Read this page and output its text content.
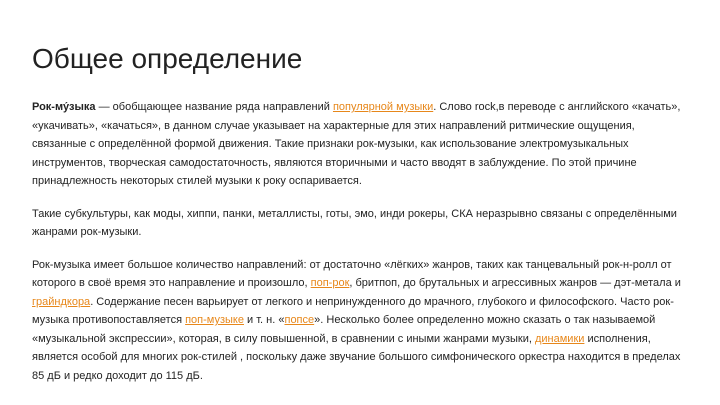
Общее определение

Рок-му́зыка — обобщающее название ряда направлений популярной музыки. Слово rock,в переводе с английского «качать», «укачивать», «качаться», в данном случае указывает на характерные для этих направлений ритмические ощущения, связанные с определённой формой движения. Такие признаки рок-музыки, как использование электромузыкальных инструментов, творческая самодостаточность, являются вторичными и часто вводят в заблуждение. По этой причине принадлежность некоторых стилей музыки к року оспаривается.

Такие субкультуры, как моды, хиппи, панки, металлисты, готы, эмо, инди рокеры, СКА неразрывно связаны с определёнными жанрами рок-музыки.

Рок-музыка имеет большое количество направлений: от достаточно «лёгких» жанров, таких как танцевальный рок-н-ролл от которого в своё время это направление и произошло, поп-рок, бритпоп, до брутальных и агрессивных жанров — дэт-метала и грайндкора. Содержание песен варьирует от легкого и непринужденного до мрачного, глубокого и философского. Часто рок-музыка противопоставляется поп-музыке и т. н. «попсе». Несколько более определенно можно сказать о так называемой «музыкальной экспрессии», которая, в силу повышенной, в сравнении с иными жанрами музыки, динамики исполнения, является особой для многих рок-стилей , поскольку даже звучание большого симфонического оркестра находится в пределах 85 дБ и редко доходит до 115 дБ.
